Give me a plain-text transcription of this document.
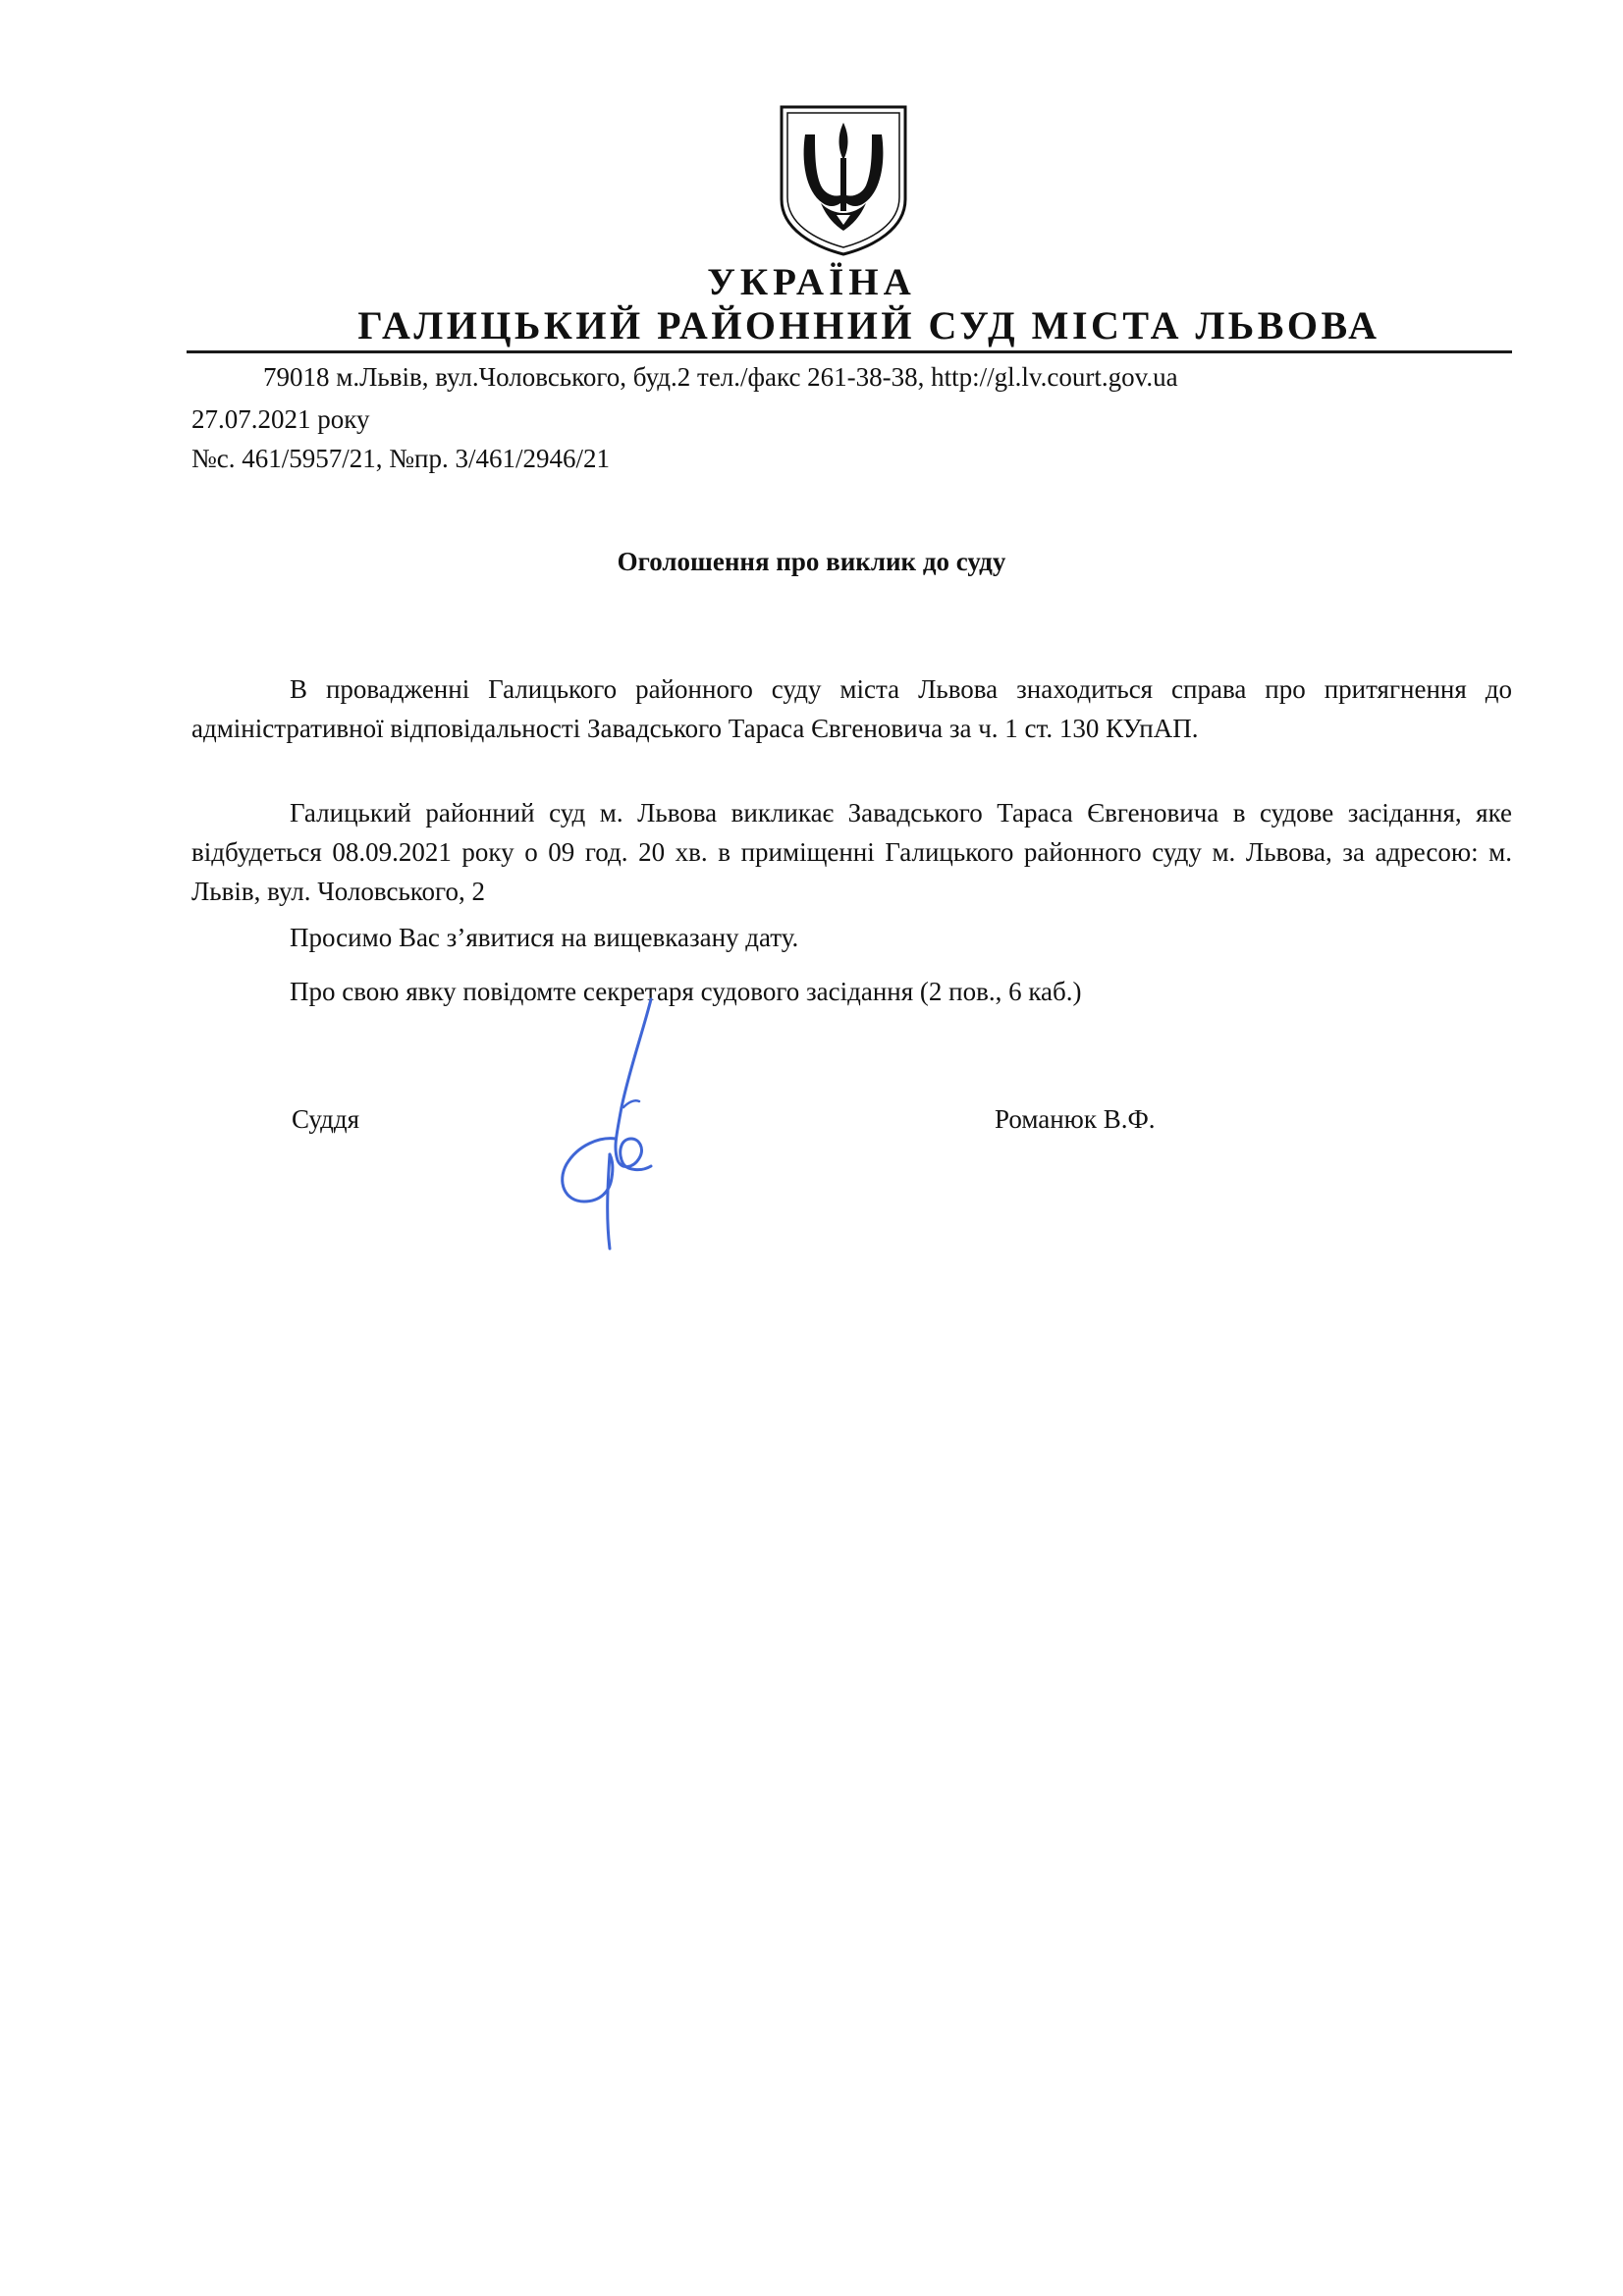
УКРАЇНА
ГАЛИЦЬКИЙ РАЙОННИЙ СУД МІСТА ЛЬВОВА
79018 м.Львів, вул.Чоловського, буд.2 тел./факс 261-38-38, http://gl.lv.court.gov.ua
27.07.2021 року
№с. 461/5957/21, №пр. 3/461/2946/21
Оголошення про виклик до суду
В провадженні Галицького районного суду міста Львова знаходиться справа про притягнення до адміністративної відповідальності Завадського Тараса Євгеновича за ч. 1 ст. 130 КУпАП.
Галицький районний суд м. Львова викликає Завадського Тараса Євгеновича в судове засідання, яке відбудеться 08.09.2021 року о 09 год. 20 хв. в приміщенні Галицького районного суду м. Львова, за адресою: м. Львів, вул. Чоловського, 2
Просимо Вас з’явитися на вищевказану дату.
Про свою явку повідомте секретаря судового засідання (2 пов., 6 каб.)
Суддя	Романюк В.Ф.
